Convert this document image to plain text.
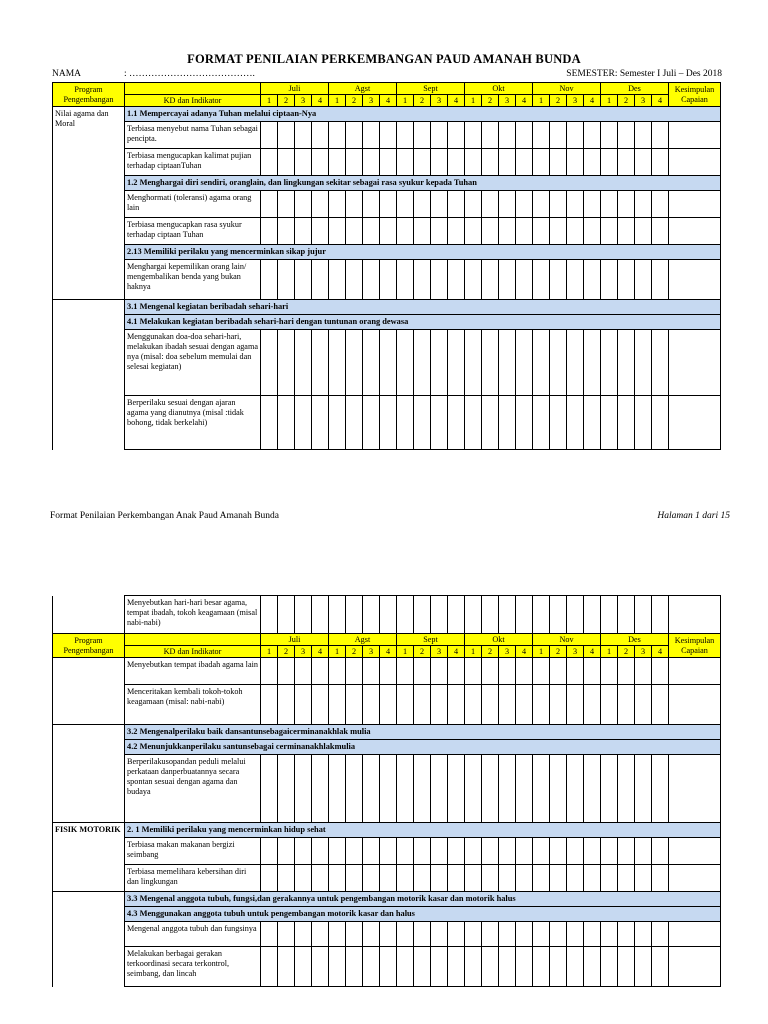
FORMAT PENILAIAN PERKEMBANGAN PAUD AMANAH BUNDA
NAMA	: ………………………………….	SEMESTER: Semester I Juli – Des 2018
Program Pengembangan		Juli				Agst				Sept				Okt				Nov				Des				Kesimpulan Capaian
	KD dan Indikator	1	2	3	4	1	2	3	4	1	2	3	4	1	2	3	4	1	2	3	4	1	2	3	4	
Nilai agama dan Moral	1.1 Mempercayai adanya Tuhan melalui ciptaan-Nya																									
	Terbiasa menyebut nama Tuhan sebagai pencipta.																									
	Terbiasa mengucapkan kalimat pujian terhadap ciptaanTuhan																									
	1.2 Menghargai diri sendiri, oranglain, dan lingkungan sekitar sebagai rasa syukur kepada Tuhan																									
	Menghormati (toleransi) agama orang lain																									
	Terbiasa mengucapkan rasa syukur terhadap ciptaan Tuhan																									
	2.13 Memiliki perilaku yang mencerminkan sikap jujur																									
	Menghargai kepemilikan orang lain/ mengembalikan benda yang bukan haknya																									
	3.1 Mengenal kegiatan beribadah sehari-hari																									
	4.1 Melakukan kegiatan beribadah sehari-hari dengan tuntunan orang dewasa																									
	Menggunakan doa-doa sehari-hari, melakukan ibadah sesuai dengan agama nya (misal: doa sebelum memulai dan selesai kegiatan)																									
	Berperilaku sesuai dengan ajaran agama yang dianutnya (misal :tidak bohong, tidak berkelahi)																									
Format Penilaian Perkembangan Anak Paud Amanah Bunda	Halaman 1 dari 15
	Menyebutkan hari-hari besar agama, tempat ibadah, tokoh keagamaan (misal nabi-nabi)																									
Program Pengembangan		Juli				Agst				Sept				Okt				Nov				Des				Kesimpulan Capaian
	KD dan Indikator	1	2	3	4	1	2	3	4	1	2	3	4	1	2	3	4	1	2	3	4	1	2	3	4	
	Menyebutkan tempat ibadah agama lain																									
	Menceritakan kembali tokoh-tokoh keagamaan (misal: nabi-nabi)																									
	3.2 Mengenalperilaku baik dansantunsebagaicerminanakhlak mulia																									
	4.2 Menunjukkanperilaku santunsebagai cerminanakhlakmulia																									
	Berperilakusopandan peduli melalui perkataan danperbuatannya secara spontan sesuai dengan agama dan budaya																									
FISIK MOTORIK	2. 1 Memiliki perilaku yang mencerminkan hidup sehat																									
	Terbiasa makan makanan bergizi seimbang																									
	Terbiasa memelihara kebersihan diri dan lingkungan																									
	3.3 Mengenal anggota tubuh, fungsi,dan gerakannya untuk pengembangan motorik kasar dan motorik halus																									
	4.3 Menggunakan anggota tubuh untuk pengembangan motorik kasar dan halus																									
	Mengenal anggota tubuh dan fungsinya																									
	Melakukan berbagai gerakan terkoordinasi secara terkontrol, seimbang, dan lincah																									
